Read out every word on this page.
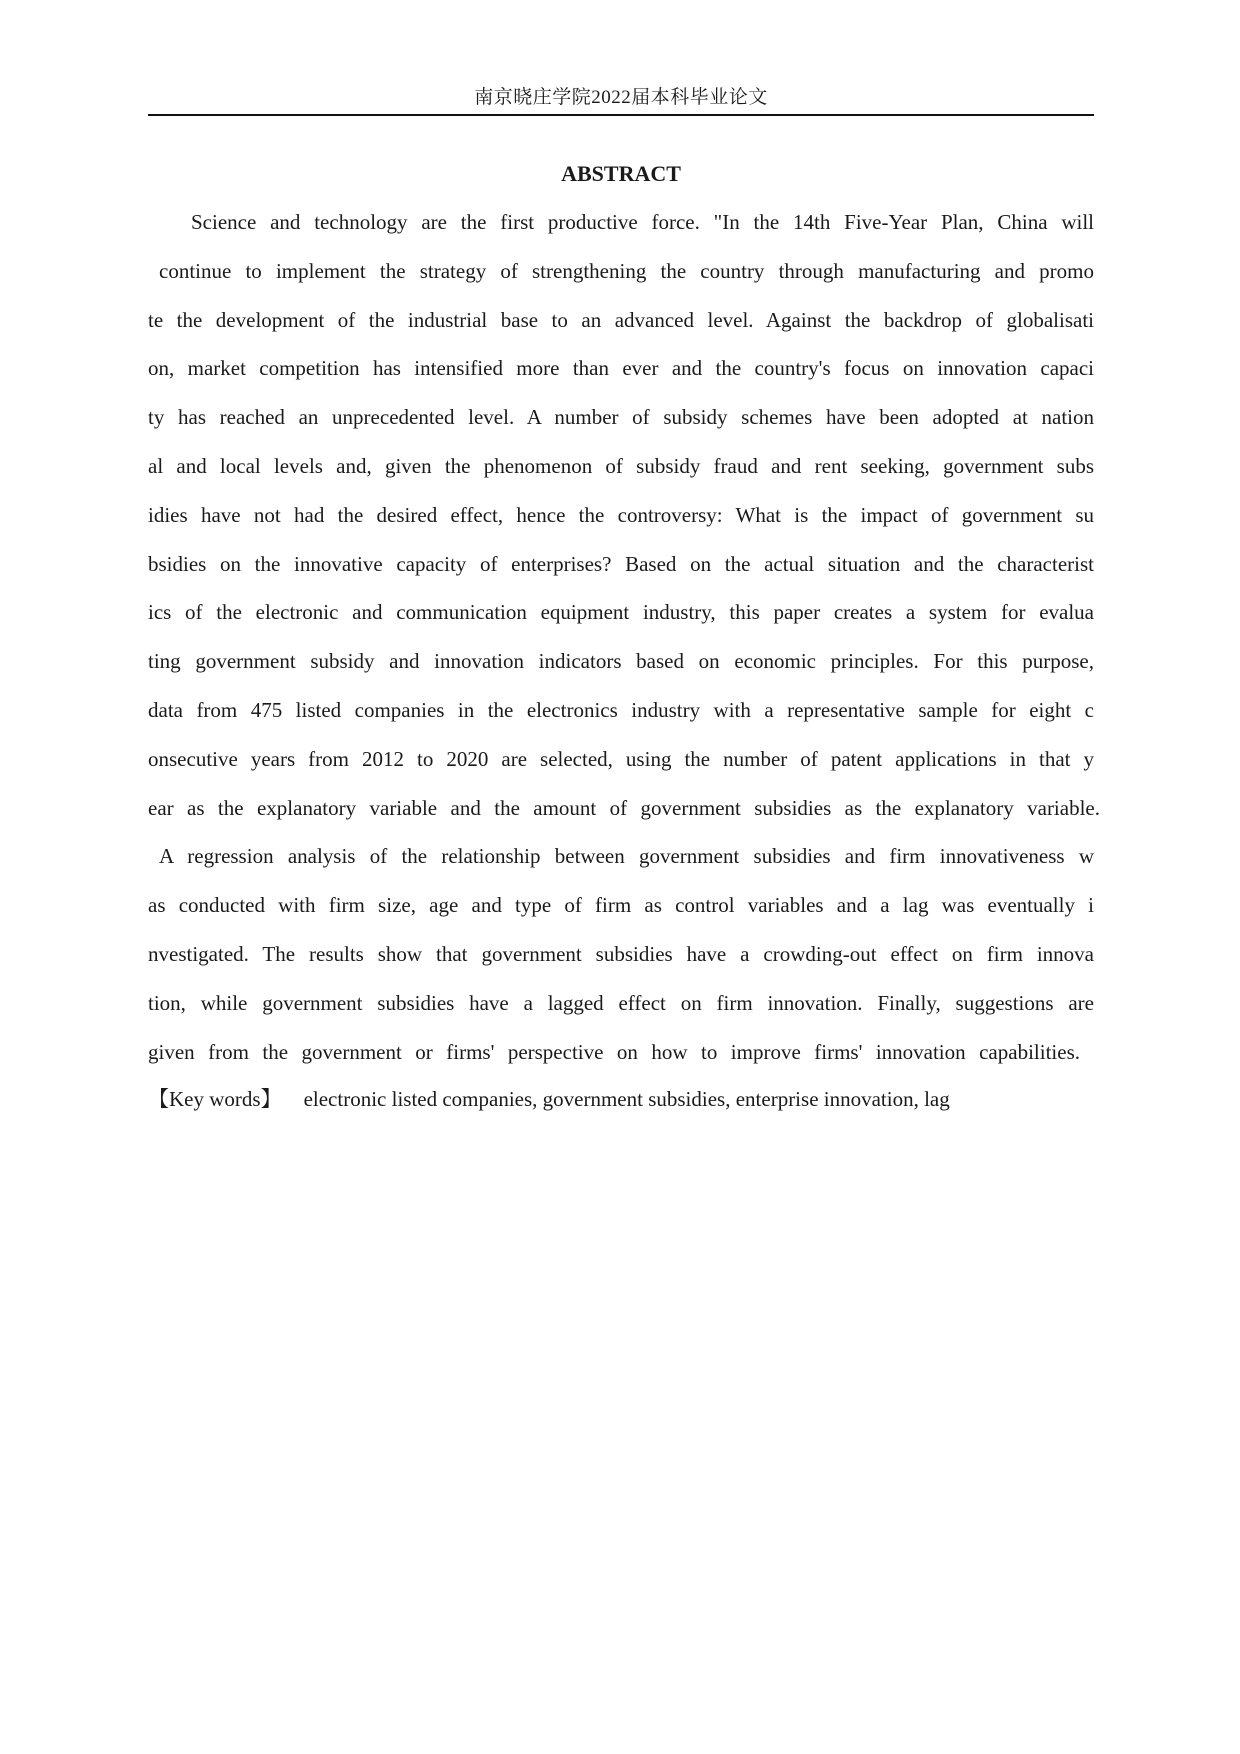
南京晓庄学院2022届本科毕业论文
ABSTRACT
Science and technology are the first productive force. "In the 14th Five-Year Plan, China will
continue to implement the strategy of strengthening the country through manufacturing and promo
te the development of the industrial base to an advanced level. Against the backdrop of globalisati
on, market competition has intensified more than ever and the country's focus on innovation capaci
ty has reached an unprecedented level. A number of subsidy schemes have been adopted at nation
al and local levels and, given the phenomenon of subsidy fraud and rent seeking, government subs
idies have not had the desired effect, hence the controversy: What is the impact of government su
bsidies on the innovative capacity of enterprises? Based on the actual situation and the characterist
ics of the electronic and communication equipment industry, this paper creates a system for evalua
ting government subsidy and innovation indicators based on economic principles. For this purpose,
data from 475 listed companies in the electronics industry with a representative sample for eight c
onsecutive years from 2012 to 2020 are selected, using the number of patent applications in that y
ear as the explanatory variable and the amount of government subsidies as the explanatory variable.
A regression analysis of the relationship between government subsidies and firm innovativeness w
as conducted with firm size, age and type of firm as control variables and a lag was eventually i
nvestigated. The results show that government subsidies have a crowding-out effect on firm innova
tion, while government subsidies have a lagged effect on firm innovation. Finally, suggestions are
given from the government or firms' perspective on how to improve firms' innovation capabilities.
【Key words】 electronic listed companies, government subsidies, enterprise innovation, lag
